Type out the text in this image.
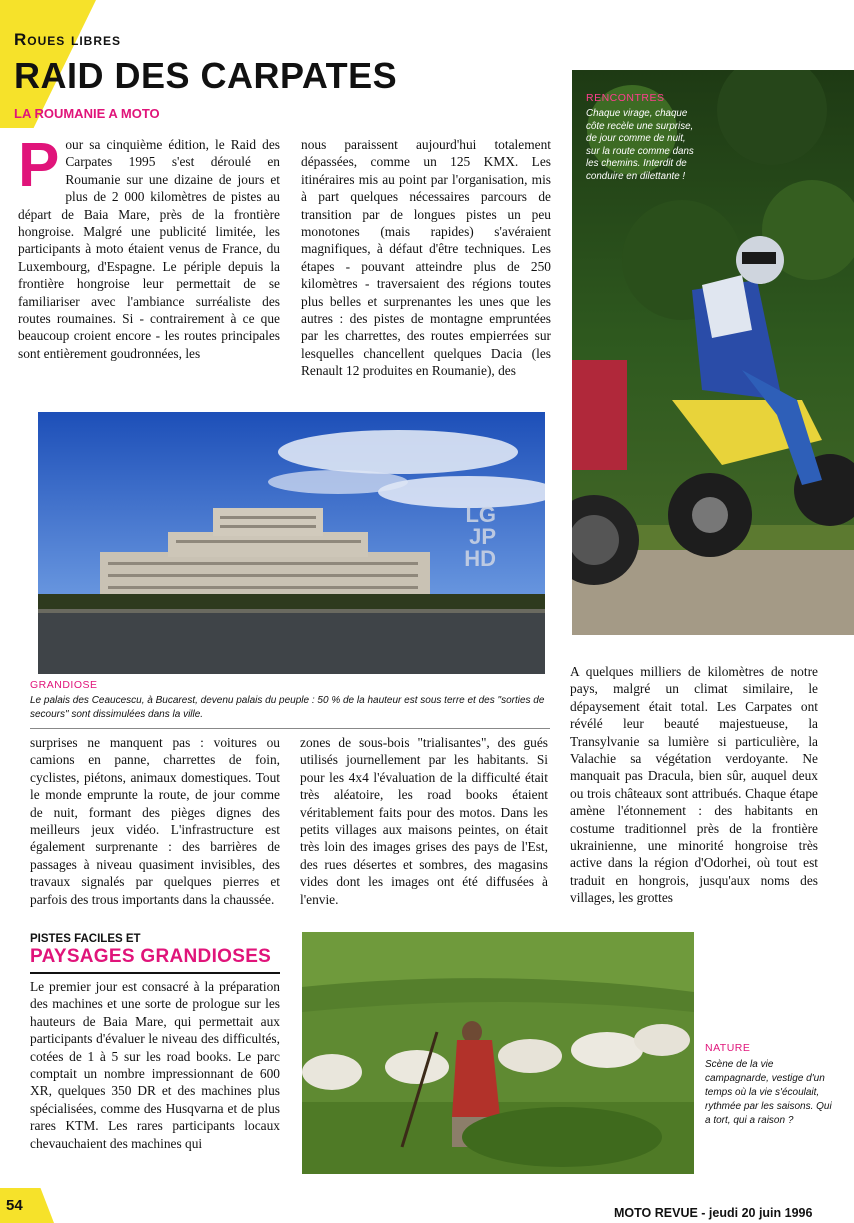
Roues libres
RAID DES CARPATES
LA ROUMANIE A MOTO
P our sa cinquième édition, le Raid des Carpates 1995 s'est déroulé en Roumanie sur une dizaine de jours et plus de 2 000 kilomètres de pistes au départ de Baia Mare, près de la frontière hongroise. Malgré une publicité limitée, les participants à moto étaient venus de France, du Luxembourg, d'Espagne. Le périple depuis la frontière hongroise leur permettait de se familiariser avec l'ambiance surréaliste des routes roumaines. Si - contrairement à ce que beaucoup croient encore - les routes principales sont entièrement goudronnées, les

nous paraissent aujourd'hui totalement dépassées, comme un 125 KMX. Les itinéraires mis au point par l'organisation, mis à part quelques nécessaires parcours de transition par de longues pistes un peu monotones (mais rapides) s'avéraient magnifiques, à défaut d'être techniques. Les étapes - pouvant atteindre plus de 250 kilomètres - traversaient des régions toutes plus belles et surprenantes les unes que les autres : des pistes de montagne empruntées par les charrettes, des routes empierrées sur lesquelles chancellent quelques Dacia (les Renault 12 produites en Roumanie), des

RENCONTRES
Chaque virage, chaque côte recèle une surprise, de jour comme de nuit, sur la route comme dans les chemins. Interdit de conduire en dilettante !
LG
JP
HD
GRANDIOSE
Le palais des Ceaucescu, à Bucarest, devenu palais du peuple : 50 % de la hauteur est sous terre et des "sorties de secours" sont dissimulées dans la ville.

surprises ne manquent pas : voitures ou camions en panne, charrettes de foin, cyclistes, piétons, animaux domestiques. Tout le monde emprunte la route, de jour comme de nuit, formant des pièges dignes des meilleurs jeux vidéo. L'infrastructure est également surprenante : des barrières de passages à niveau quasiment invisibles, des travaux signalés par quelques pierres et parfois des trous importants dans la chaussée.

zones de sous-bois "trialisantes", des gués utilisés journellement par les habitants. Si pour les 4x4 l'évaluation de la difficulté était très aléatoire, les road books étaient véritablement faits pour des motos. Dans les petits villages aux maisons peintes, on était très loin des images grises des pays de l'Est, des rues désertes et sombres, des magasins vides dont les images ont été diffusées à l'envie.

A quelques milliers de kilomètres de notre pays, malgré un climat similaire, le dépaysement était total. Les Carpates ont révélé leur beauté majestueuse, la Transylvanie sa lumière si particulière, la Valachie sa végétation verdoyante. Ne manquait pas Dracula, bien sûr, auquel deux ou trois châteaux sont attribués. Chaque étape amène l'étonnement : des habitants en costume traditionnel près de la frontière ukrainienne, une minorité hongroise très active dans la région d'Odorhei, où tout est traduit en hongrois, jusqu'aux noms des villages, les grottes

PISTES FACILES ET
PAYSAGES GRANDIOSES

Le premier jour est consacré à la préparation des machines et une sorte de prologue sur les hauteurs de Baia Mare, qui permettait aux participants d'évaluer le niveau des difficultés, cotées de 1 à 5 sur les road books. Le parc comptait un nombre impressionnant de 600 XR, quelques 350 DR et des machines plus spécialisées, comme des Husqvarna et de plus rares KTM. Les rares participants locaux chevauchaient des machines qui

NATURE
Scène de la vie campagnarde, vestige d'un temps où la vie s'écoulait, rythmée par les saisons. Qui a tort, qui a raison ?
54	MOTO REVUE - jeudi 20 juin 1996
